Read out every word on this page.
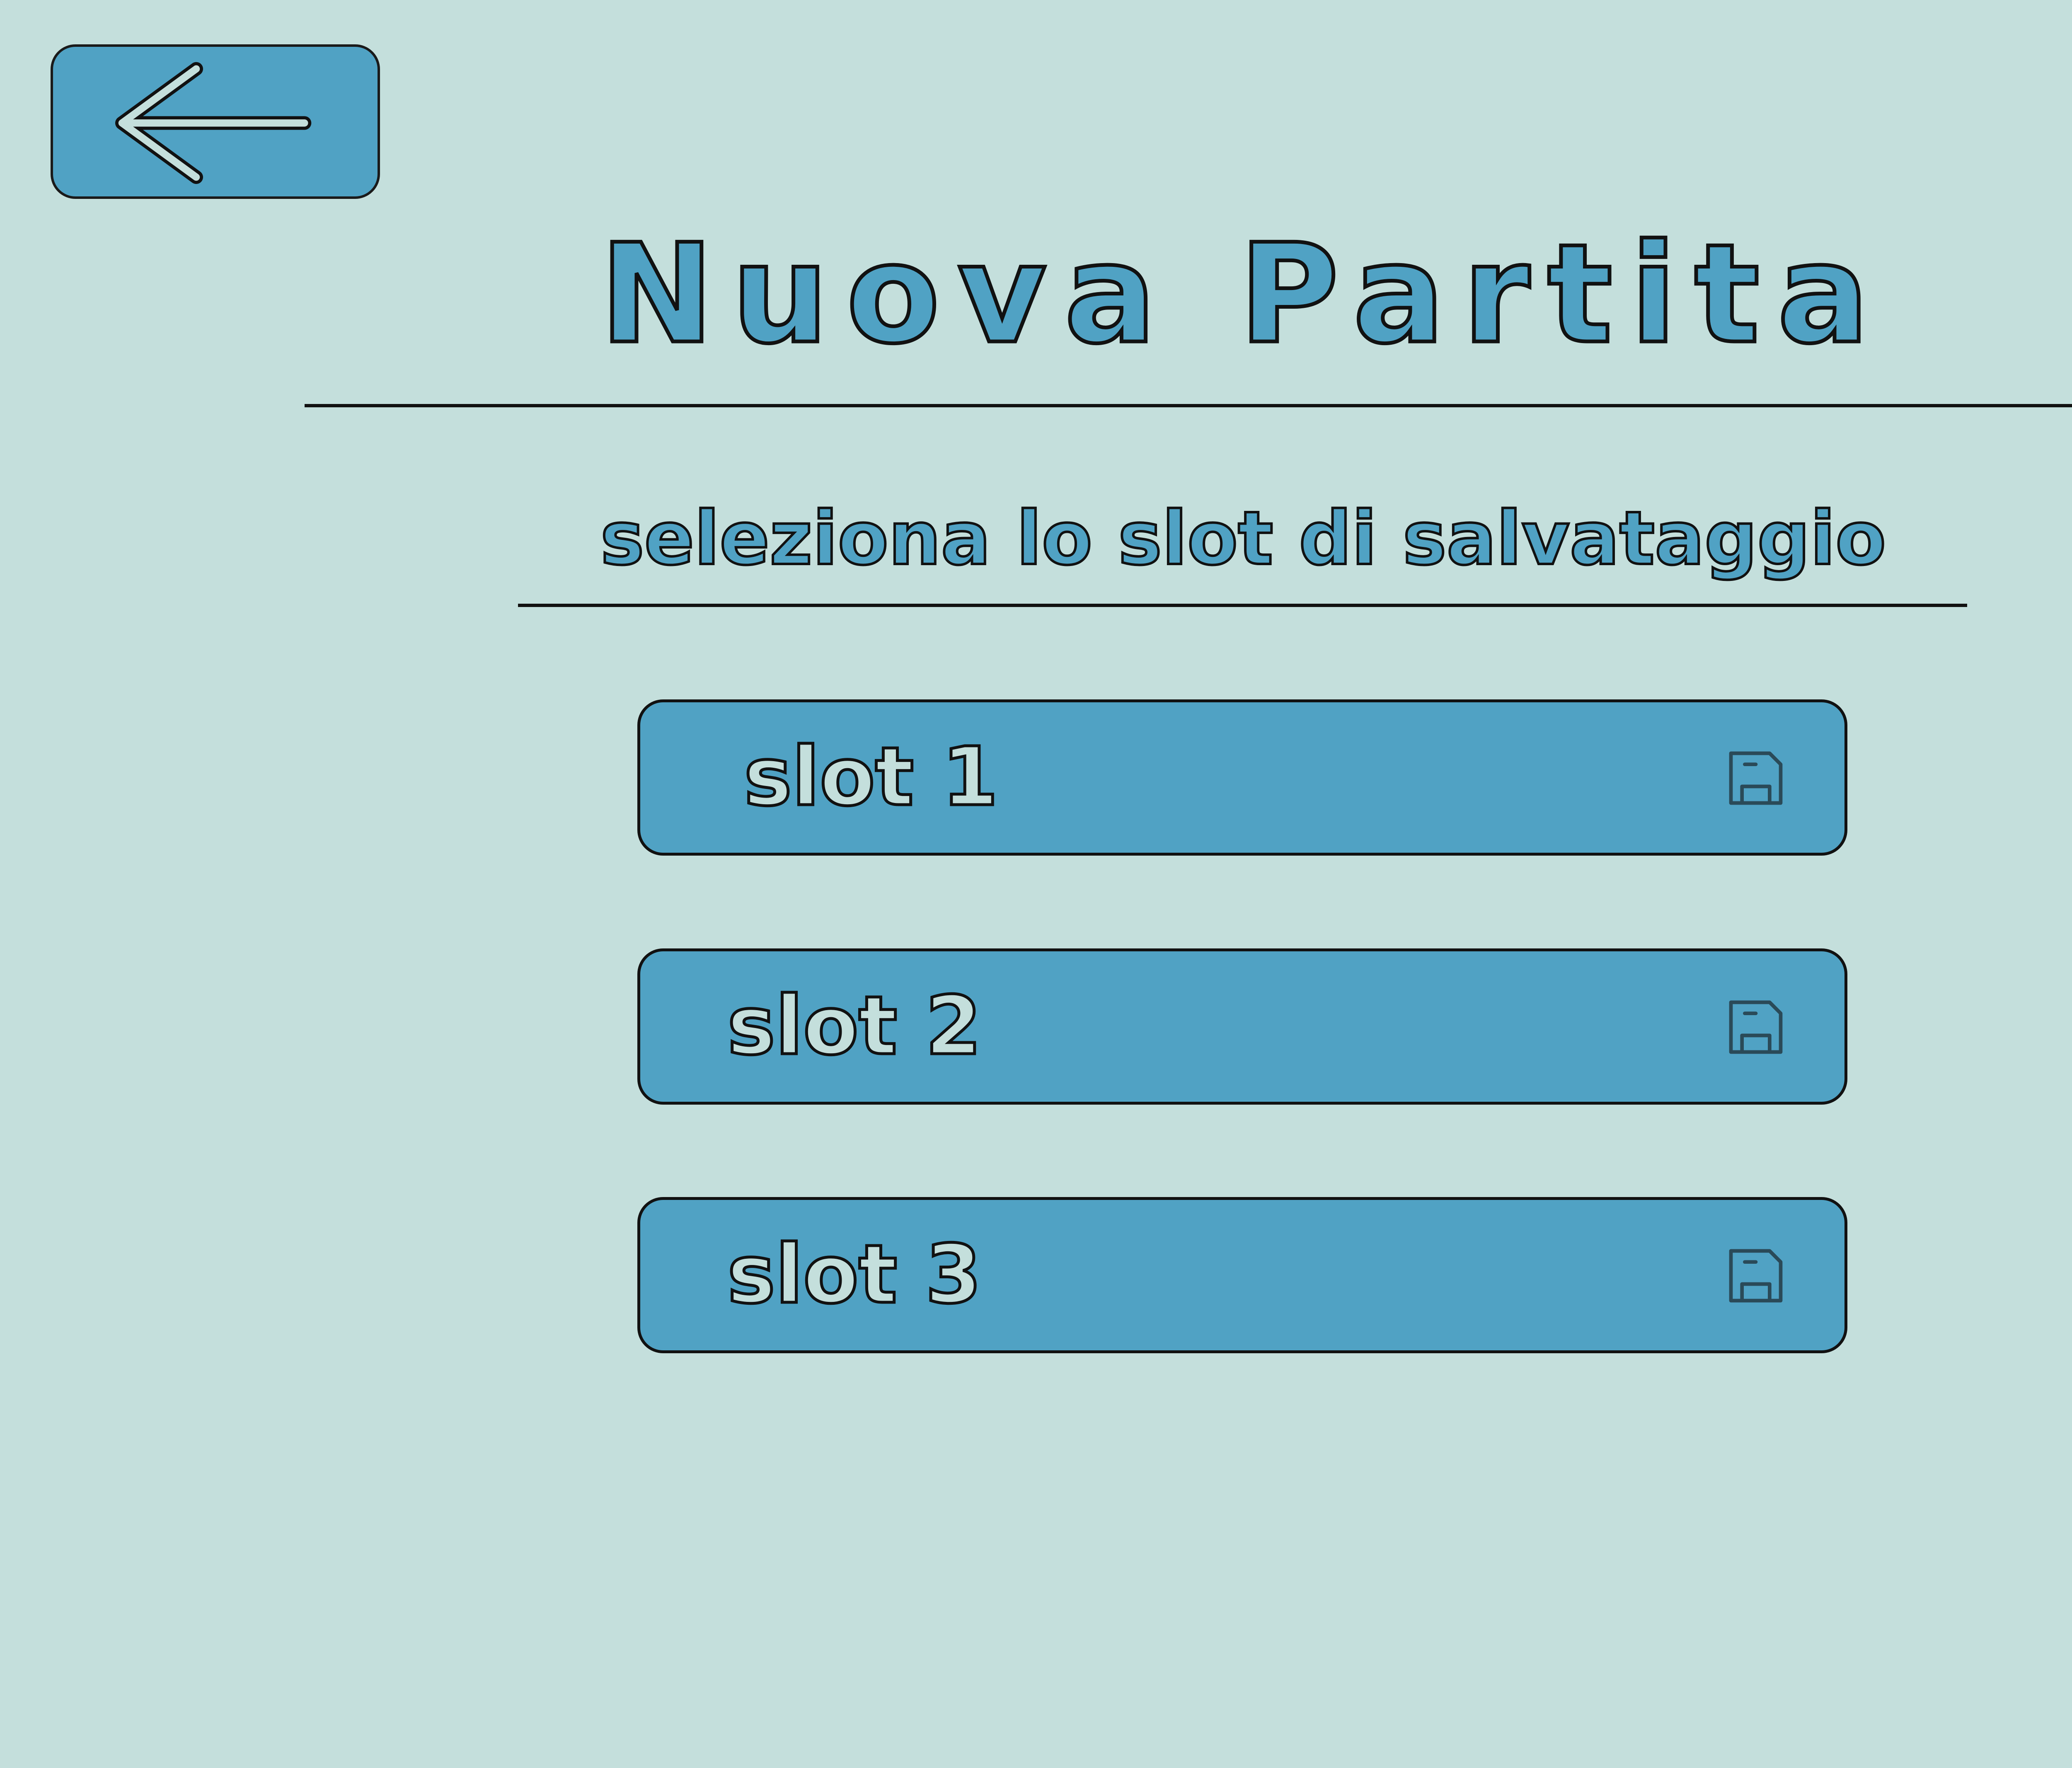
Nuova Partita
seleziona lo slot di salvataggio
slot 1
slot 2
slot 3
